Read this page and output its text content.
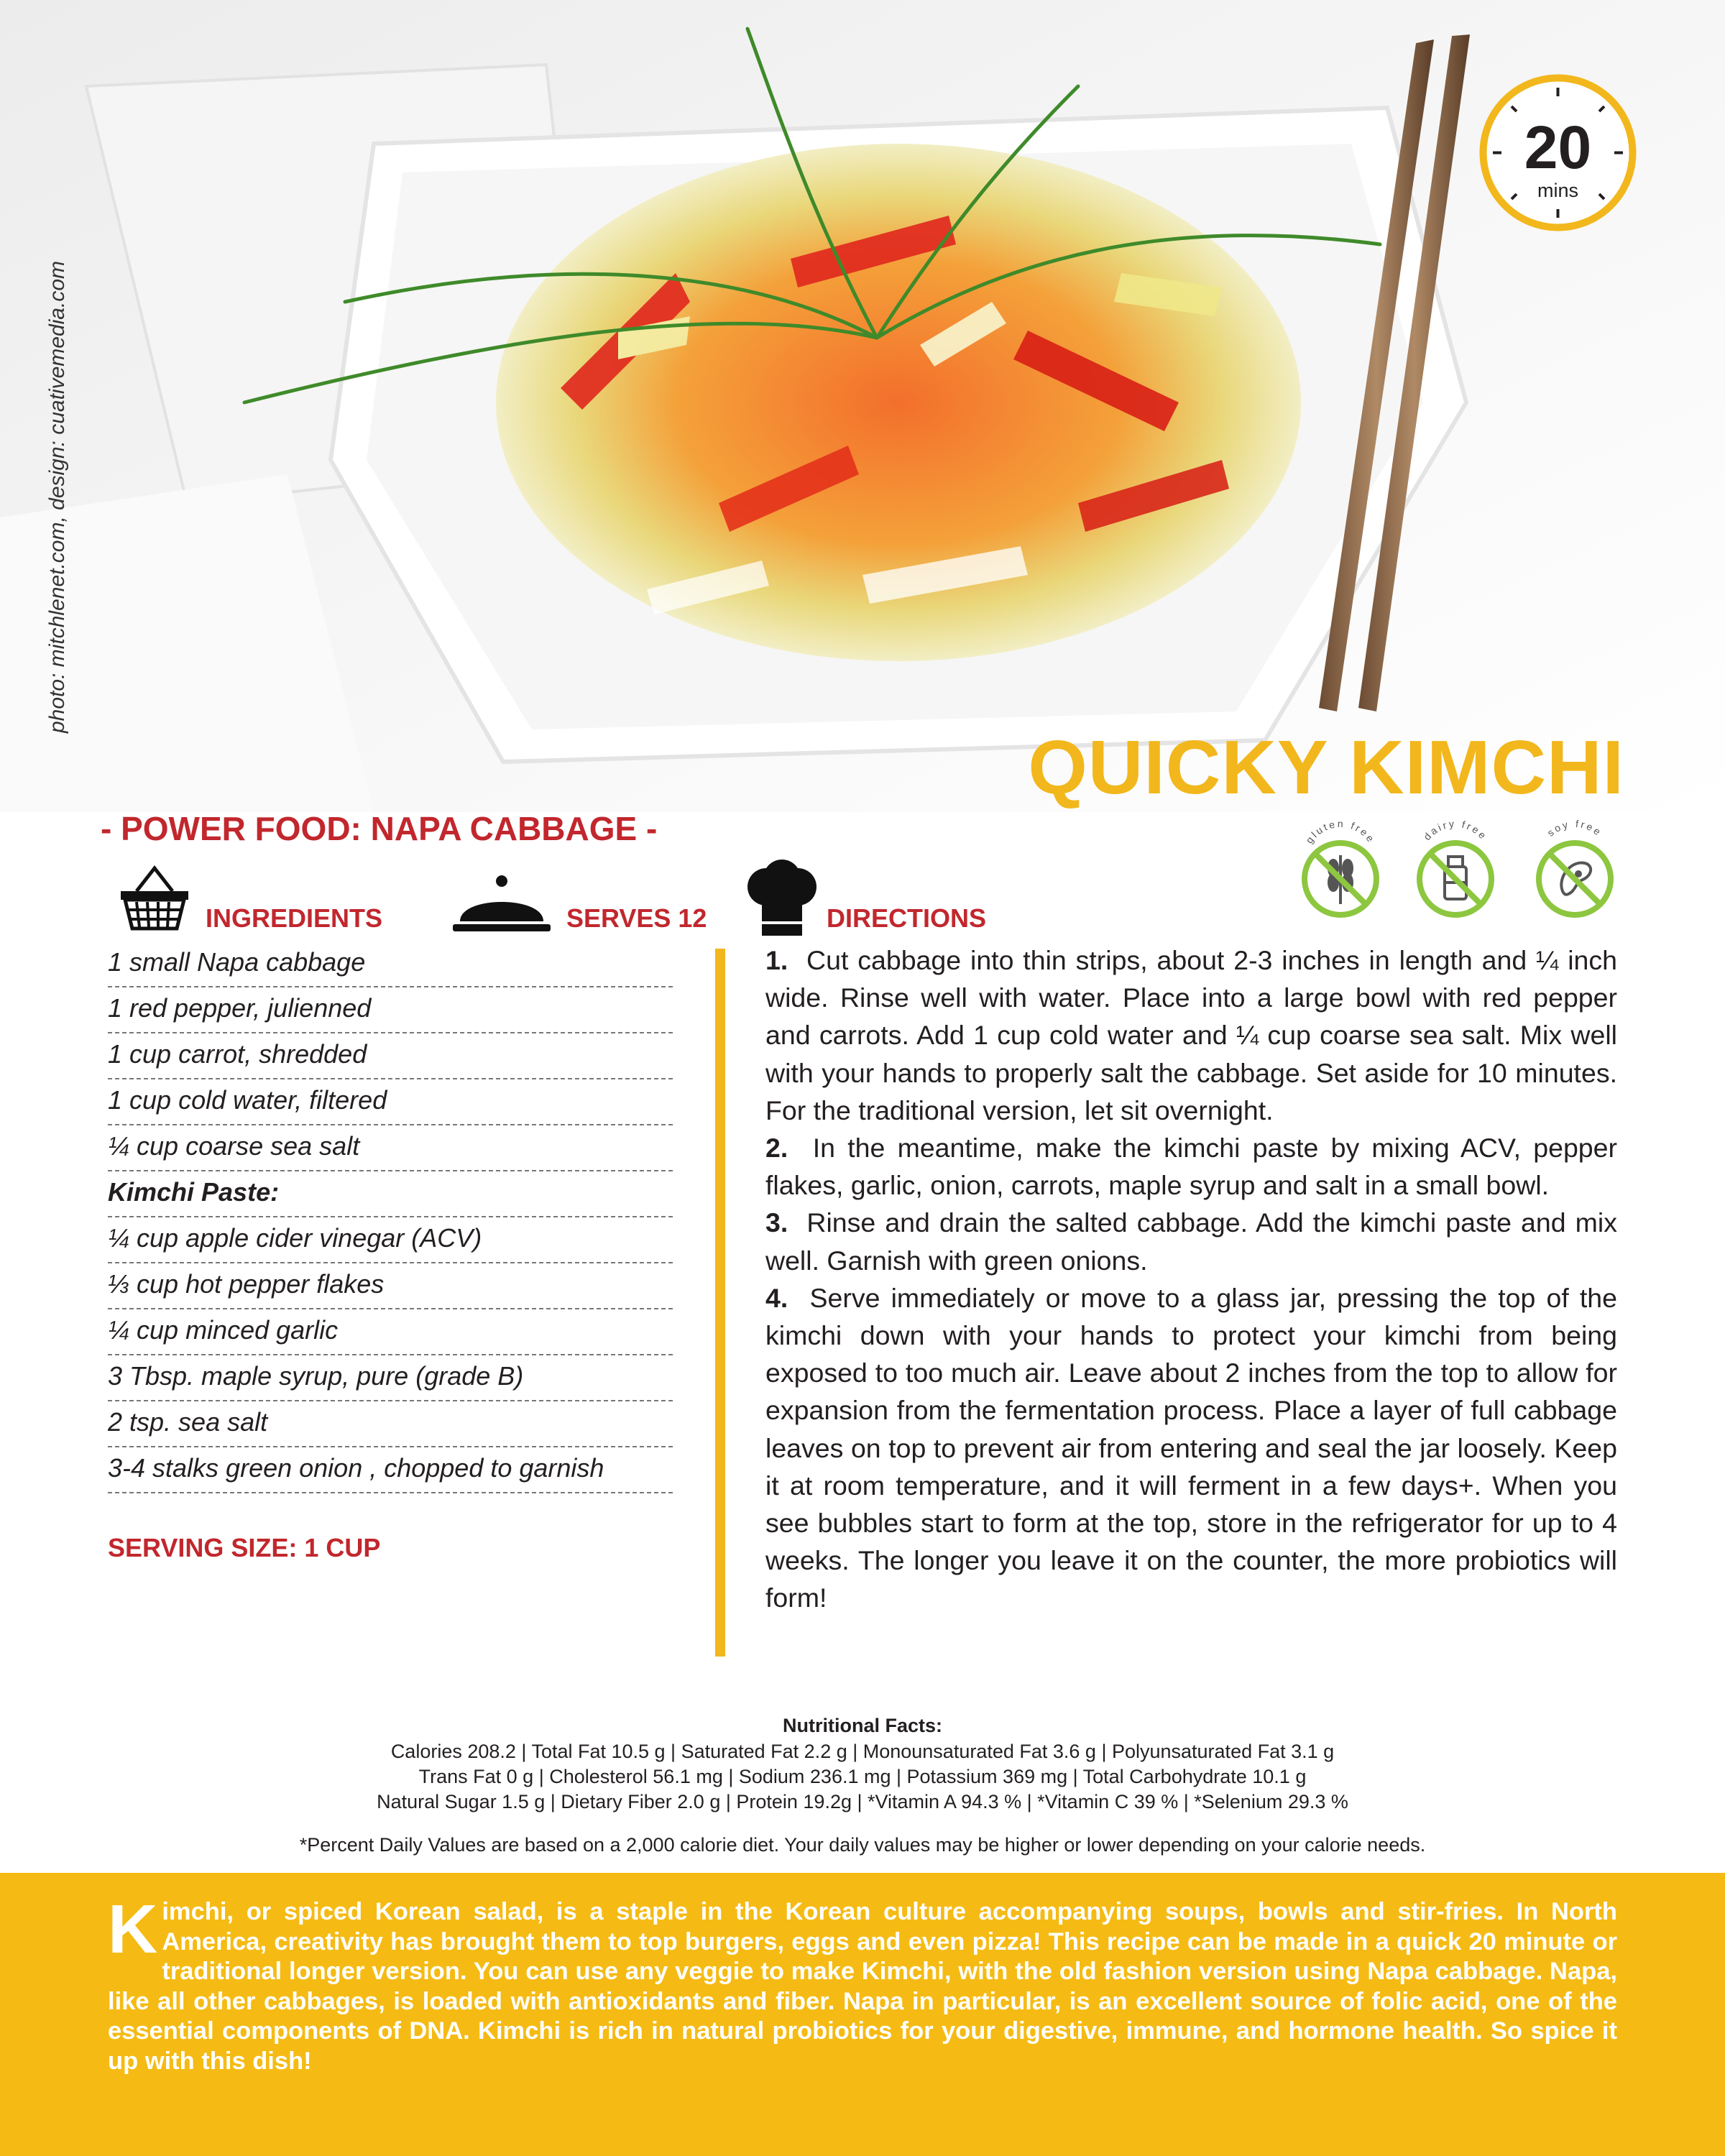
photo: mitchlenet.com, design: cuativemedia.com
20
mins
QUICKY KIMCHI
gluten free	dairy free	soy free
- POWER FOOD: NAPA CABBAGE -
INGREDIENTS	SERVES 12	DIRECTIONS
1 small Napa cabbage
1 red pepper, julienned
1 cup carrot, shredded
1 cup cold water, filtered
¼ cup coarse sea salt
Kimchi Paste:
¼ cup apple cider vinegar (ACV)
⅓ cup hot pepper flakes
¼ cup minced garlic
3 Tbsp. maple syrup, pure (grade B)
2 tsp. sea salt
3-4 stalks green onion , chopped to garnish
SERVING SIZE: 1 CUP

1. Cut cabbage into thin strips, about 2-3 inches in length and ¼ inch wide. Rinse well with water. Place into a large bowl with red pepper and carrots. Add 1 cup cold water and ¼ cup coarse sea salt. Mix well with your hands to properly salt the cabbage. Set aside for 10 minutes. For the traditional version, let sit overnight.

2. In the meantime, make the kimchi paste by mixing ACV, pepper flakes, garlic, onion, carrots, maple syrup and salt in a small bowl.

3. Rinse and drain the salted cabbage. Add the kimchi paste and mix well. Garnish with green onions.

4. Serve immediately or move to a glass jar, pressing the top of the kimchi down with your hands to protect your kimchi from being exposed to too much air. Leave about 2 inches from the top to allow for expansion from the fermentation process. Place a layer of full cabbage leaves on top to prevent air from entering and seal the jar loosely. Keep it at room temperature, and it will ferment in a few days+. When you see bubbles start to form at the top, store in the refrigerator for up to 4 weeks. The longer you leave it on the counter, the more probiotics will form!

Nutritional Facts:
Calories 208.2 | Total Fat 10.5 g | Saturated Fat 2.2 g | Monounsaturated Fat 3.6 g | Polyunsaturated Fat 3.1 g
Trans Fat 0 g | Cholesterol 56.1 mg | Sodium 236.1 mg | Potassium 369 mg | Total Carbohydrate 10.1 g
Natural Sugar 1.5 g | Dietary Fiber 2.0 g | Protein 19.2g | *Vitamin A 94.3 % | *Vitamin C 39 % | *Selenium 29.3 %
*Percent Daily Values are based on a 2,000 calorie diet. Your daily values may be higher or lower depending on your calorie needs.
Kimchi, or spiced Korean salad, is a staple in the Korean culture accompanying soups, bowls and stir-fries. In North America, creativity has brought them to top burgers, eggs and even pizza! This recipe can be made in a quick 20 minute or traditional longer version. You can use any veggie to make Kimchi, with the old fashion version using Napa cabbage. Napa, like all other cabbages, is loaded with antioxidants and fiber. Napa in particular, is an excellent source of folic acid, one of the essential components of DNA. Kimchi is rich in natural probiotics for your digestive, immune, and hormone health. So spice it up with this dish!
